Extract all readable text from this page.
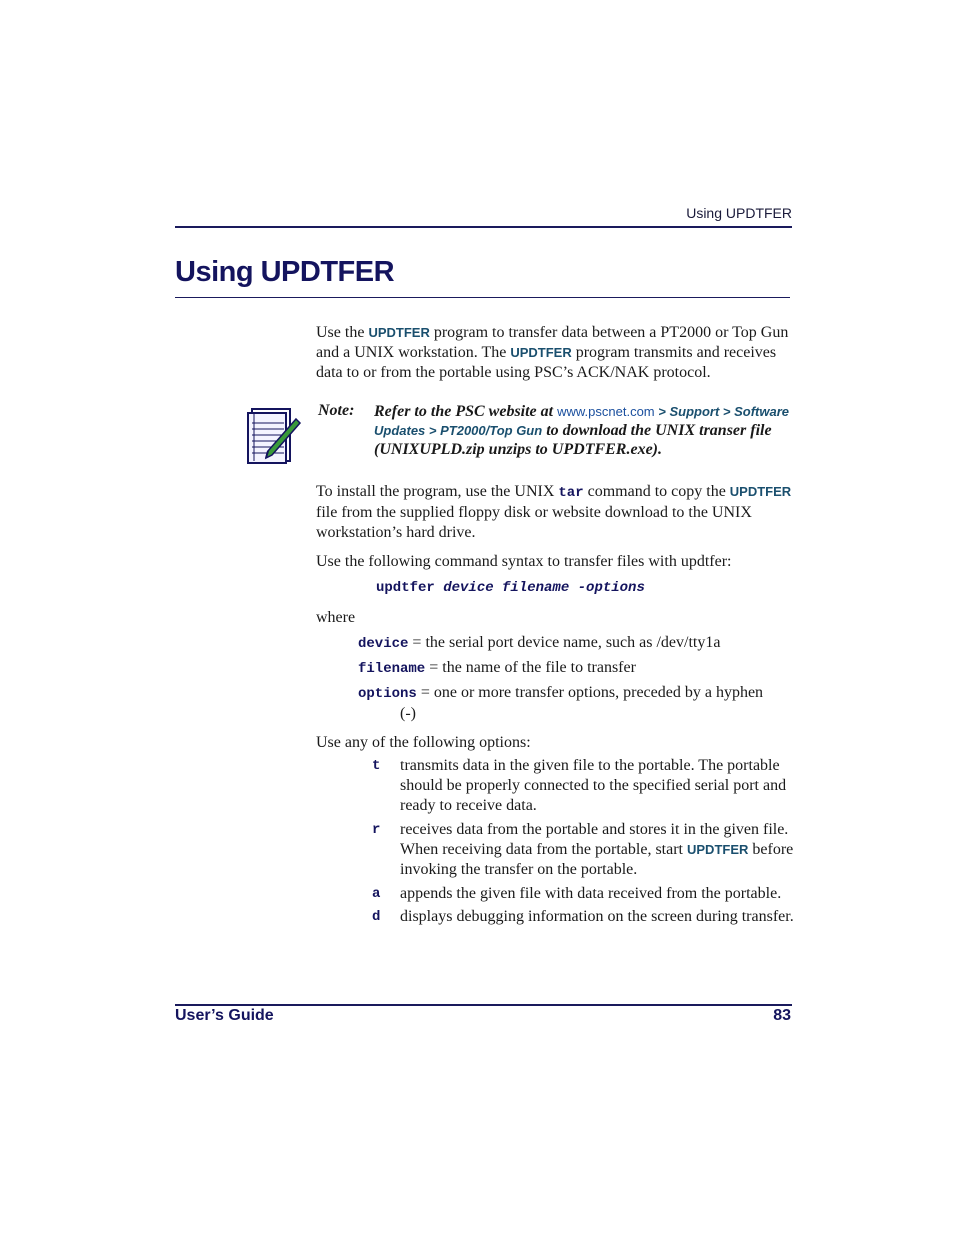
Using UPDTFER
Using UPDTFER
Use the UPDTFER program to transfer data between a PT2000 or Top Gun and a UNIX workstation. The UPDTFER program transmits and receives data to or from the portable using PSC’s ACK/NAK protocol.
Note: Refer to the PSC website at www.pscnet.com > Support > Software Updates > PT2000/Top Gun to download the UNIX transer file (UNIXUPLD.zip unzips to UPDTFER.exe).
To install the program, use the UNIX tar command to copy the UPDTFER file from the supplied floppy disk or website download to the UNIX workstation’s hard drive.
Use the following command syntax to transfer files with updtfer:
updtfer device filename -options
where
device = the serial port device name, such as /dev/tty1a
filename = the name of the file to transfer
options = one or more transfer options, preceded by a hyphen
(-)
Use any of the following options:
t transmits data in the given file to the portable. The portable should be properly connected to the specified serial port and ready to receive data.
r receives data from the portable and stores it in the given file. When receiving data from the portable, start UPDTFER before invoking the transfer on the portable.
a appends the given file with data received from the portable.
d displays debugging information on the screen during transfer.
User’s Guide	83
